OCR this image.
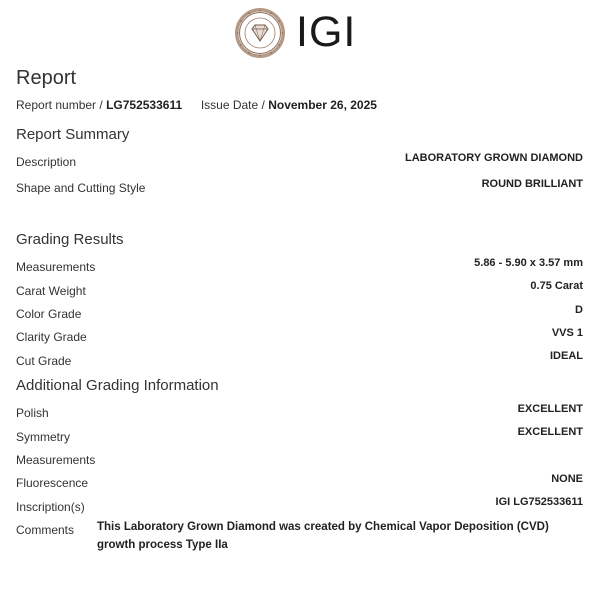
IGI
Report
Report number / LG752533611 Issue Date / November 26, 2025
Report Summary
Description	LABORATORY GROWN DIAMOND
Shape and Cutting Style	ROUND BRILLIANT
Grading Results
Measurements	5.86 - 5.90 x 3.57 mm
Carat Weight	0.75 Carat
Color Grade	D
Clarity Grade	VVS 1
Cut Grade	IDEAL
Additional Grading Information
Polish	EXCELLENT
Symmetry	EXCELLENT
Measurements
Fluorescence	NONE
Inscription(s)	IGI LG752533611
Comments This Laboratory Grown Diamond was created by Chemical Vapor Deposition (CVD) growth process Type IIa
